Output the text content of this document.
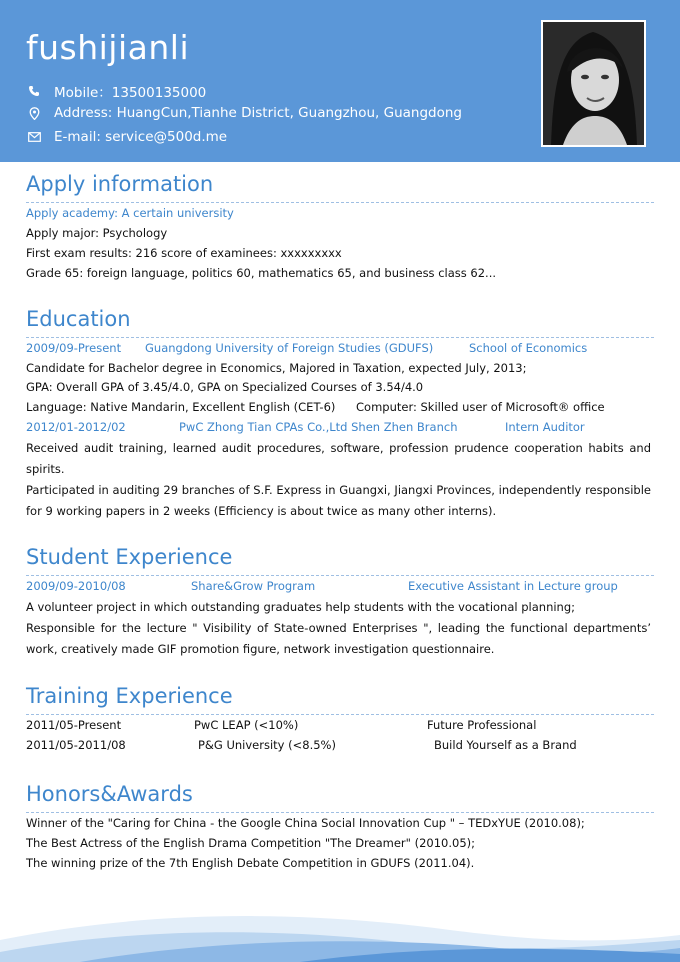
fushijianli
Mobile：13500135000
Address: HuangCun,Tianhe District, Guangzhou, Guangdong
E-mail: service@500d.me
Apply information
Apply academy: A certain university
Apply major: Psychology
First exam results: 216 score of examinees: xxxxxxxxx
Grade 65: foreign language, politics 60, mathematics 65, and business class 62...
Education
2009/09-Present Guangdong University of Foreign Studies (GDUFS)	School of Economics
Candidate for Bachelor degree in Economics, Majored in Taxation, expected July, 2013;
GPA: Overall GPA of 3.45/4.0, GPA on Specialized Courses of 3.54/4.0
Language: Native Mandarin, Excellent English (CET-6) Computer: Skilled user of Microsoft® office
2012/01-2012/02	PwC Zhong Tian CPAs Co.,Ltd Shen Zhen Branch	Intern Auditor
Received audit training, learned audit procedures, software, profession prudence cooperation habits and spirits.
Participated in auditing 29 branches of S.F. Express in Guangxi, Jiangxi Provinces, independently responsible for 9 working papers in 2 weeks (Efficiency is about twice as many other interns).
Student Experience
2009/09-2010/08	Share&Grow Program	Executive Assistant in Lecture group
A volunteer project in which outstanding graduates help students with the vocational planning;
Responsible for the lecture " Visibility of State-owned Enterprises ", leading the functional departments’ work, creatively made GIF promotion figure, network investigation questionnaire.
Training Experience
2011/05-Present	PwC LEAP (<10%)	Future Professional
2011/05-2011/08	P&G University (<8.5%)	Build Yourself as a Brand
Honors&Awards
Winner of the "Caring for China - the Google China Social Innovation Cup " – TEDxYUE (2010.08);
The Best Actress of the English Drama Competition "The Dreamer" (2010.05);
The winning prize of the 7th English Debate Competition in GDUFS (2011.04).
